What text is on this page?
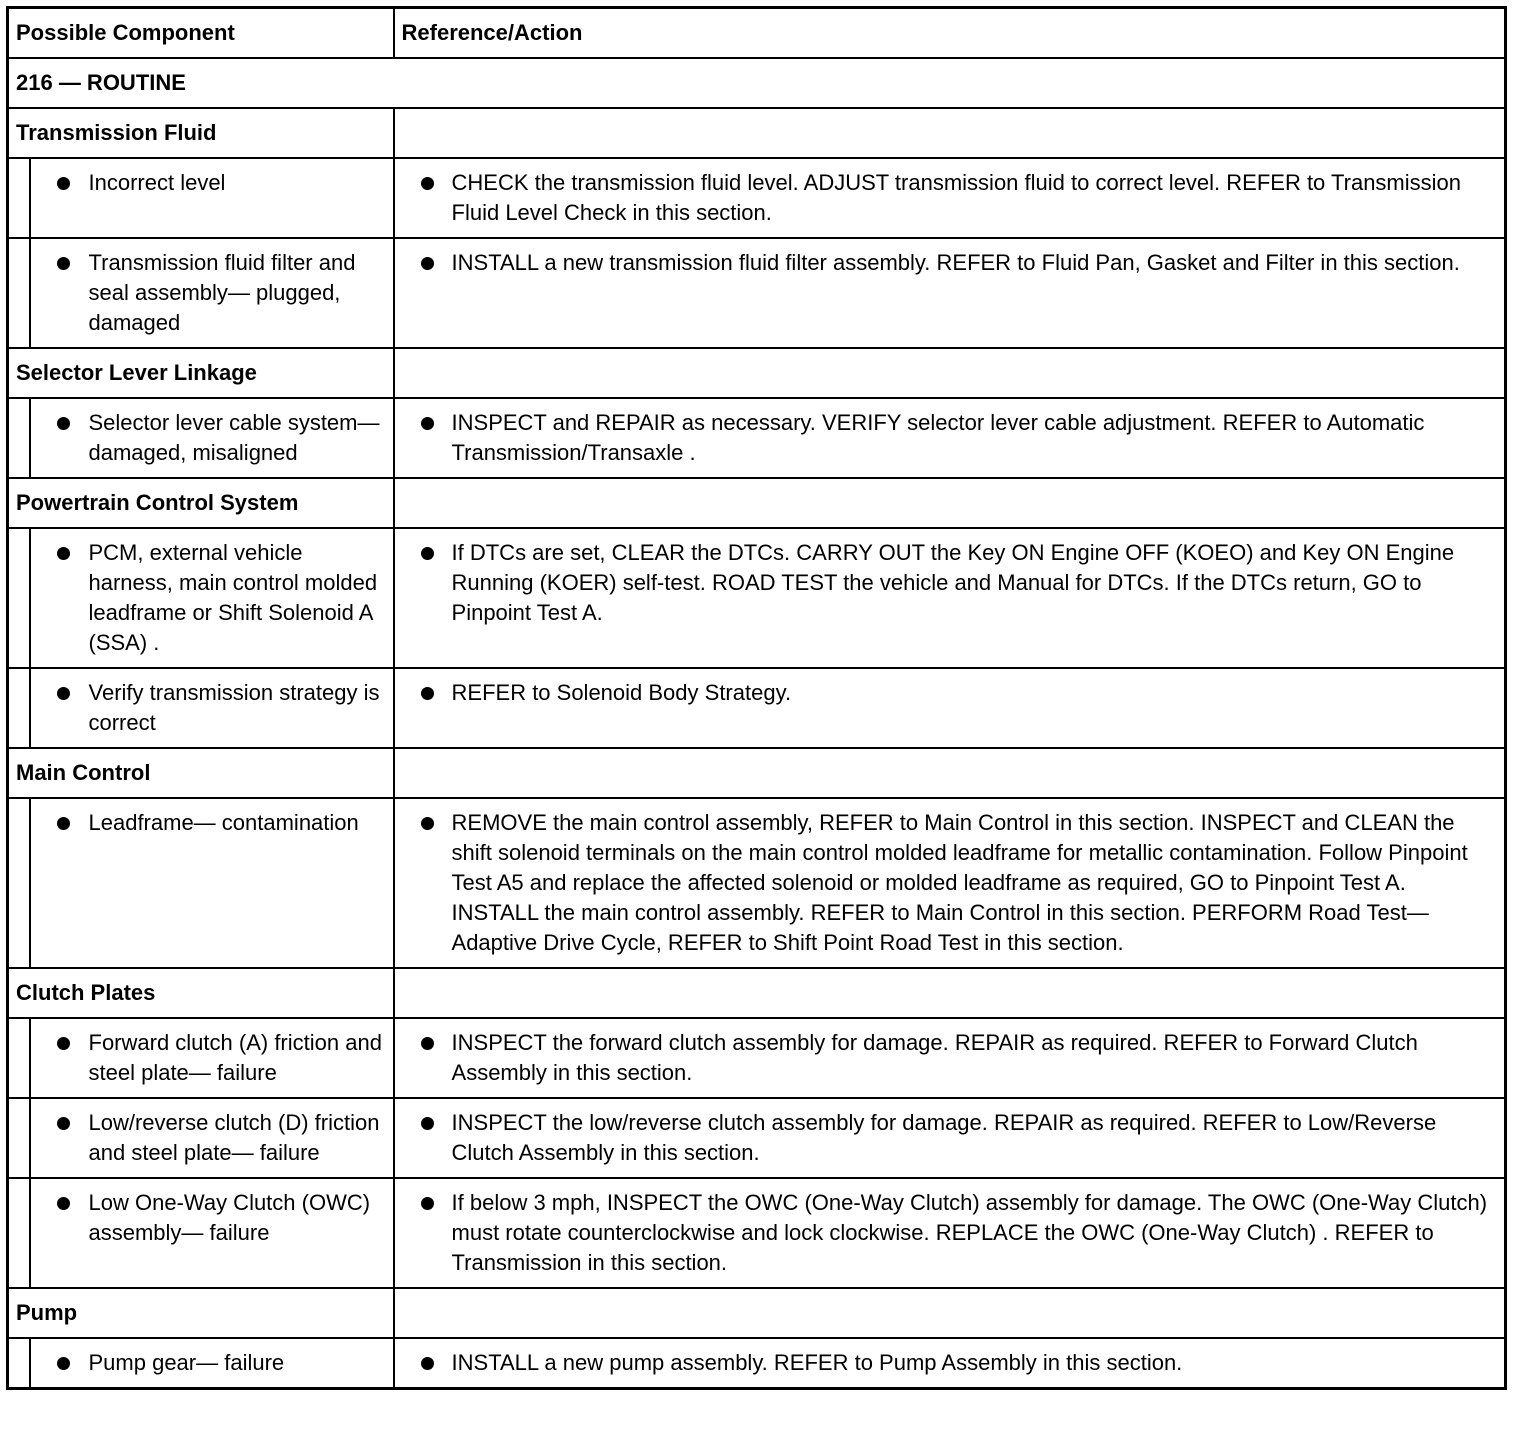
Possible Component		Reference/Action
216 — ROUTINE		
Transmission Fluid		

Incorrect level	CHECK the transmission fluid level. ADJUST transmission fluid to correct level. REFER to Transmission Fluid Level Check in this section.

Transmission fluid filter and seal assembly— plugged, damaged	INSTALL a new transmission fluid filter assembly. REFER to Fluid Pan, Gasket and Filter in this section.
Selector Lever Linkage		

Selector lever cable system— damaged, misaligned	INSPECT and REPAIR as necessary. VERIFY selector lever cable adjustment. REFER to Automatic Transmission/Transaxle .
Powertrain Control System		

PCM, external vehicle harness, main control molded leadframe or Shift Solenoid A (SSA) .	If DTCs are set, CLEAR the DTCs. CARRY OUT the Key ON Engine OFF (KOEO) and Key ON Engine Running (KOER) self-test. ROAD TEST the vehicle and Manual for DTCs. If the DTCs return, GO to Pinpoint Test A.

Verify transmission strategy is correct	REFER to Solenoid Body Strategy.
Main Control		

Leadframe— contamination	REMOVE the main control assembly, REFER to Main Control in this section. INSPECT and CLEAN the shift solenoid terminals on the main control molded leadframe for metallic contamination. Follow Pinpoint Test A5 and replace the affected solenoid or molded leadframe as required, GO to Pinpoint Test A. INSTALL the main control assembly. REFER to Main Control in this section. PERFORM Road Test— Adaptive Drive Cycle, REFER to Shift Point Road Test in this section.
Clutch Plates		

Forward clutch (A) friction and steel plate— failure	INSPECT the forward clutch assembly for damage. REPAIR as required. REFER to Forward Clutch Assembly in this section.

Low/reverse clutch (D) friction and steel plate— failure	INSPECT the low/reverse clutch assembly for damage. REPAIR as required. REFER to Low/Reverse Clutch Assembly in this section.

Low One-Way Clutch (OWC) assembly— failure	If below 3 mph, INSPECT the OWC (One-Way Clutch) assembly for damage. The OWC (One-Way Clutch) must rotate counterclockwise and lock clockwise. REPLACE the OWC (One-Way Clutch) . REFER to Transmission in this section.
Pump		

Pump gear— failure	INSTALL a new pump assembly. REFER to Pump Assembly in this section.
